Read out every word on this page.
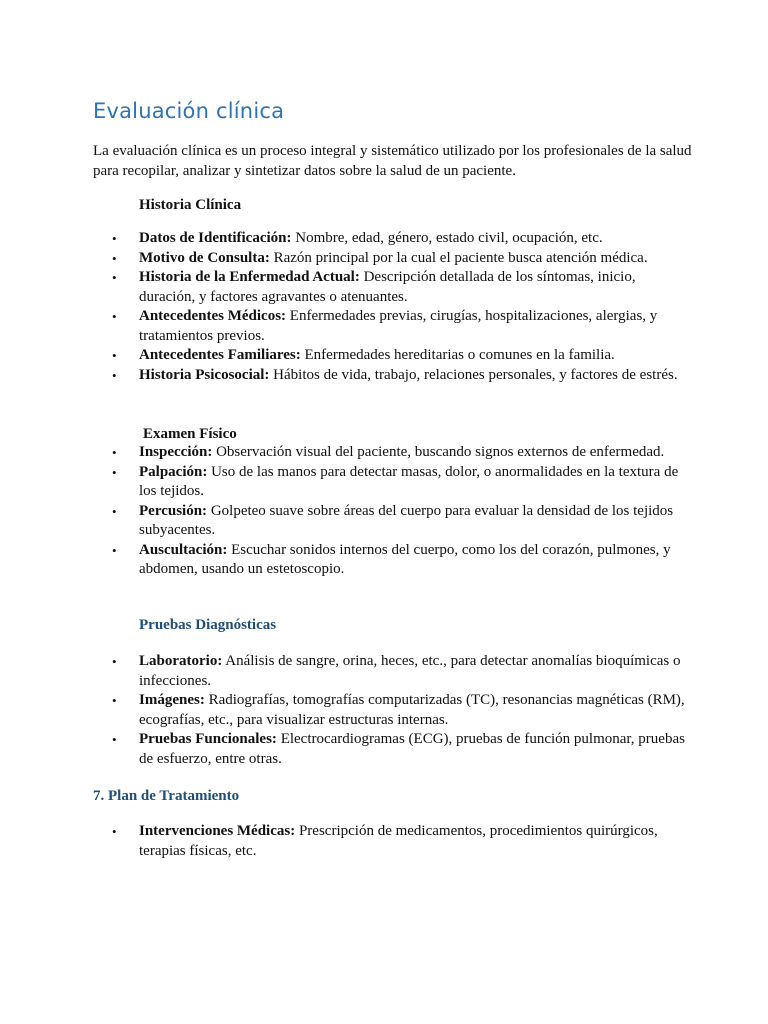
Evaluación clínica

La evaluación clínica es un proceso integral y sistemático utilizado por los profesionales de la salud para recopilar, analizar y sintetizar datos sobre la salud de un paciente.

Historia Clínica

• Datos de Identificación: Nombre, edad, género, estado civil, ocupación, etc.
• Motivo de Consulta: Razón principal por la cual el paciente busca atención médica.
• Historia de la Enfermedad Actual: Descripción detallada de los síntomas, inicio, duración, y factores agravantes o atenuantes.
• Antecedentes Médicos: Enfermedades previas, cirugías, hospitalizaciones, alergias, y tratamientos previos.
• Antecedentes Familiares: Enfermedades hereditarias o comunes en la familia.
• Historia Psicosocial: Hábitos de vida, trabajo, relaciones personales, y factores de estrés.

Examen Físico

• Inspección: Observación visual del paciente, buscando signos externos de enfermedad.
• Palpación: Uso de las manos para detectar masas, dolor, o anormalidades en la textura de los tejidos.
• Percusión: Golpeteo suave sobre áreas del cuerpo para evaluar la densidad de los tejidos subyacentes.
• Auscultación: Escuchar sonidos internos del cuerpo, como los del corazón, pulmones, y abdomen, usando un estetoscopio.

Pruebas Diagnósticas

• Laboratorio: Análisis de sangre, orina, heces, etc., para detectar anomalías bioquímicas o infecciones.
• Imágenes: Radiografías, tomografías computarizadas (TC), resonancias magnéticas (RM), ecografías, etc., para visualizar estructuras internas.
• Pruebas Funcionales: Electrocardiogramas (ECG), pruebas de función pulmonar, pruebas de esfuerzo, entre otras.

7. Plan de Tratamiento

• Intervenciones Médicas: Prescripción de medicamentos, procedimientos quirúrgicos, terapias físicas, etc.
